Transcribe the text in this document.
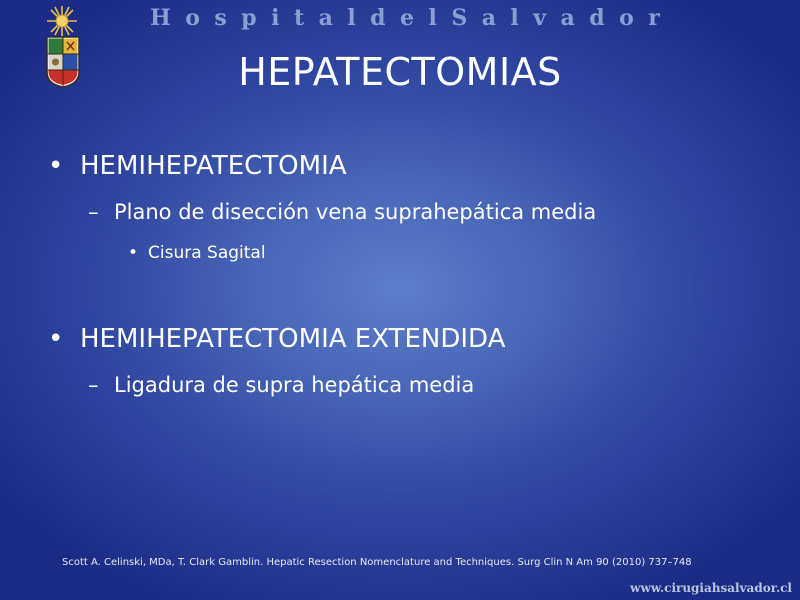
H o s p i t a l d e l S a l v a d o r
HEPATECTOMIAS
• HEMIHEPATECTOMIA
– Plano de disección vena suprahepática media
• Cisura Sagital
• HEMIHEPATECTOMIA EXTENDIDA
– Ligadura de supra hepática media
Scott A. Celinski, MDa, T. Clark Gamblin. Hepatic Resection Nomenclature and Techniques. Surg Clin N Am 90 (2010) 737–748
www.cirugiahsalvador.cl
